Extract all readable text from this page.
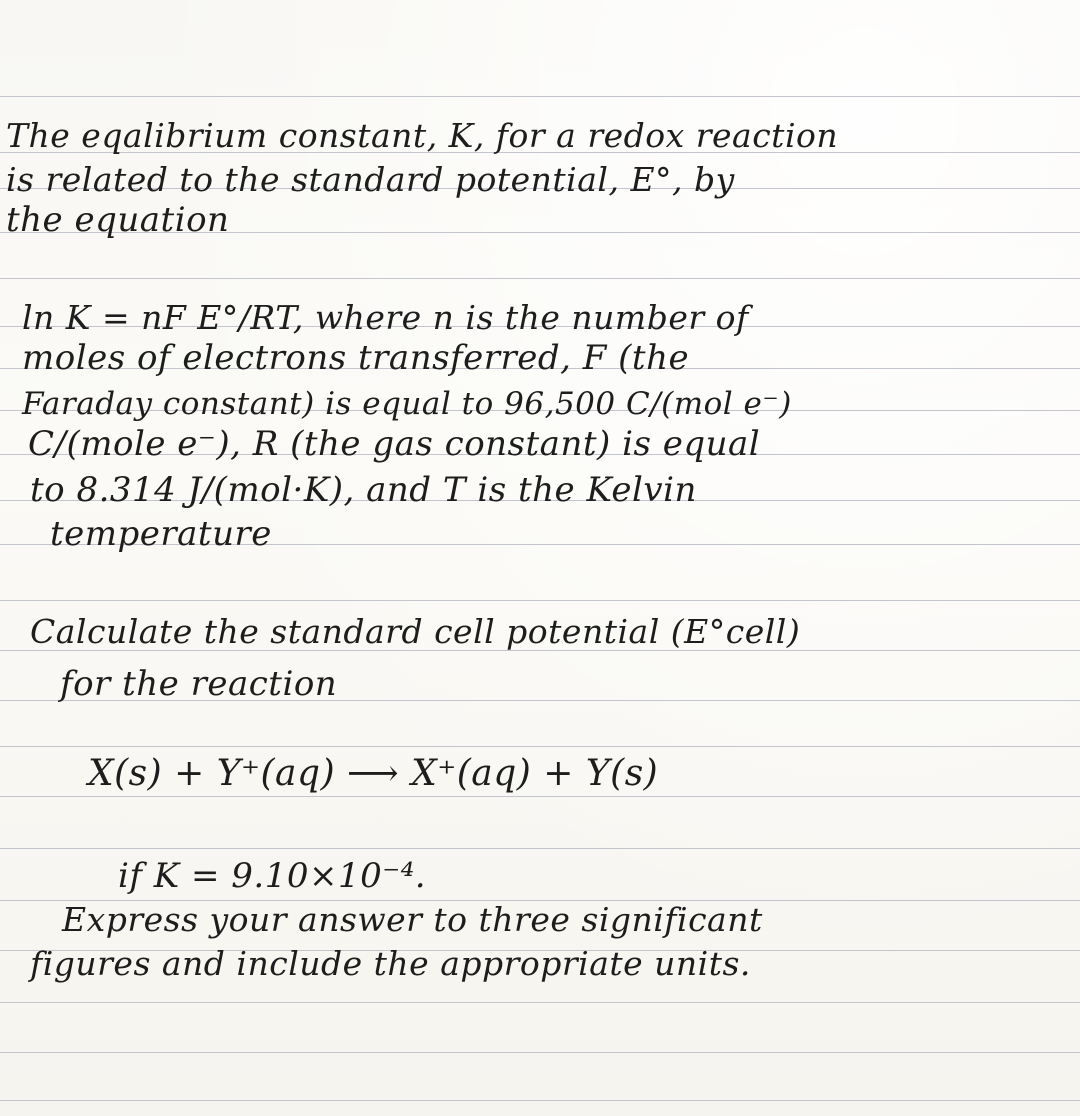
The eqalibrium constant, K, for a redox reaction
is related to the standard potential, E°, by
the equation
ln K = nF E°/RT, where n is the number of
moles of electrons transferred, F (the
Faraday constant) is equal to 96,500 C/(mol e⁻)
C/(mole e⁻), R (the gas constant) is equal
to 8.314 J/(mol·K), and T is the Kelvin
temperature
Calculate the standard cell potential (E°cell)
for the reaction
X(s) + Y⁺(aq) ⟶ X⁺(aq) + Y(s)
if K = 9.10×10⁻⁴.
Express your answer to three significant
figures and include the appropriate units.
